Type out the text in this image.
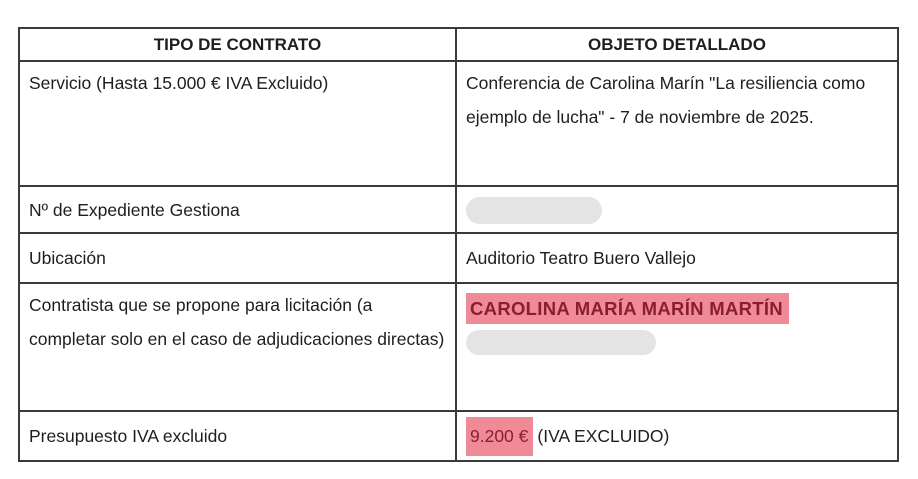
TIPO DE CONTRATO	OBJETO DETALLADO
Servicio (Hasta 15.000 € IVA Excluido)	Conferencia de Carolina Marín "La resiliencia como ejemplo de lucha" - 7 de noviembre de 2025.
Nº de Expediente Gestiona	
Ubicación	Auditorio Teatro Buero Vallejo
Contratista que se propone para licitación (a completar solo en el caso de adjudicaciones directas)	CAROLINA MARÍA MARÍN MARTÍN

Presupuesto IVA excluido	9.200 € (IVA EXCLUIDO)
